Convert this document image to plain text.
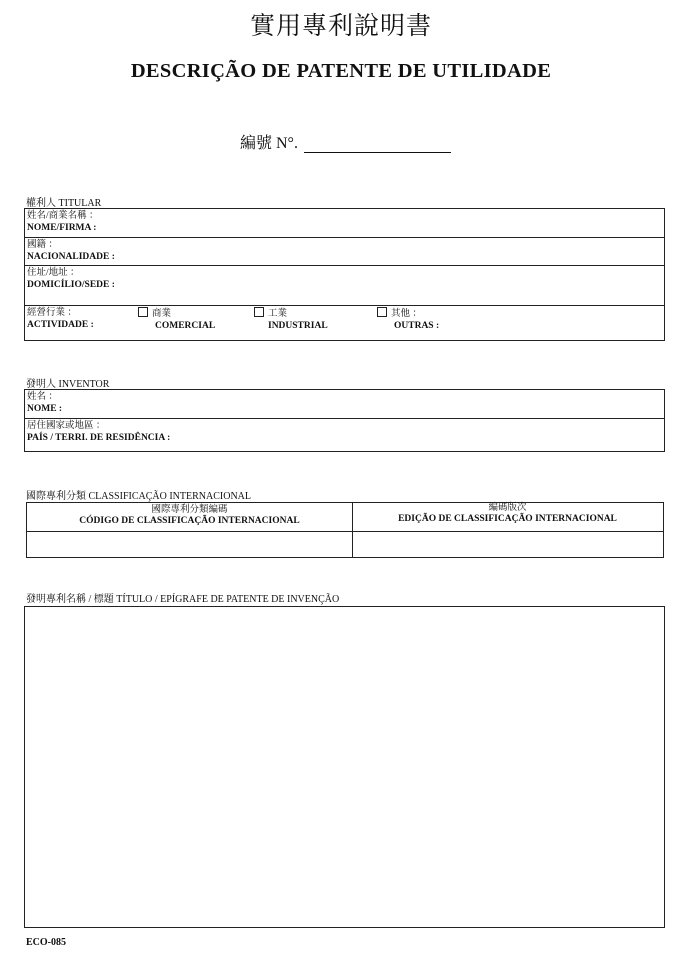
實用專利說明書
DESCRIÇÃO DE PATENTE DE UTILIDADE
編號 N°.
權利人 TITULAR
姓名/商業名稱 ：
NOME/FIRMA :
國籍 ：
NACIONALIDADE :
住址/地址 ：
DOMICÍLIO/SEDE :
經營行業 ：
ACTIVIDADE :
商業
COMERCIAL
工業
INDUSTRIAL
其他 ：
OUTRAS :
發明人 INVENTOR
姓名 ：
NOME :
居住國家或地區 ：
PAÍS / TERRI. DE RESIDÊNCIA :
國際專利分類 CLASSIFICAÇÃO INTERNACIONAL
國際專利分類編碼
CÓDIGO DE CLASSIFICAÇÃO INTERNACIONAL
編碼版次
EDIÇÃO DE CLASSIFICAÇÃO INTERNACIONAL
發明專利名稱 / 標題 TÍTULO / EPÍGRAFE DE PATENTE DE INVENÇÃO
ECO-085
